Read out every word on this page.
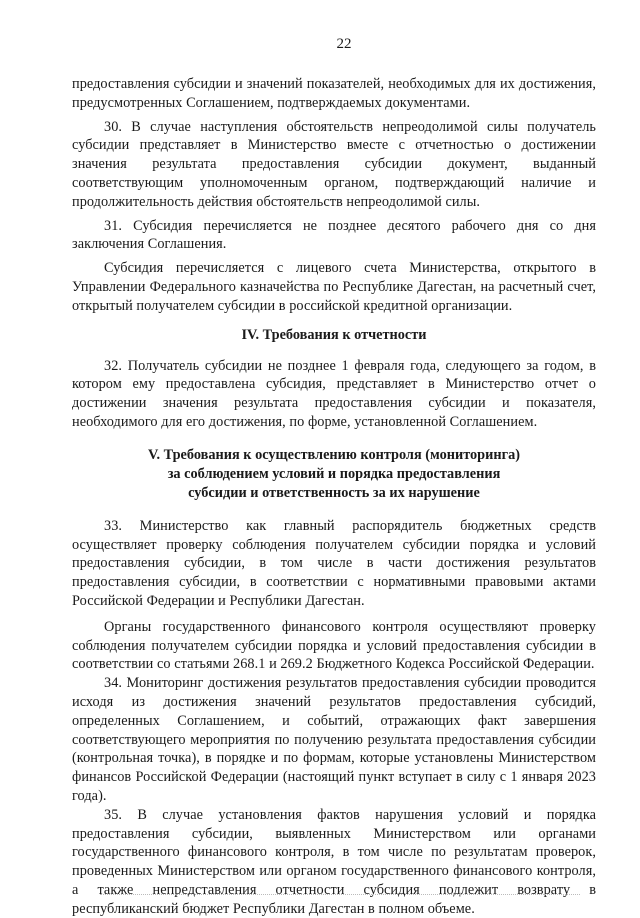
22

предоставления субсидии и значений показателей, необходимых для их достижения, предусмотренных Соглашением, подтверждаемых документами.

30. В случае наступления обстоятельств непреодолимой силы получатель субсидии представляет в Министерство вместе с отчетностью о достижении значения результата предоставления субсидии документ, выданный соответствующим уполномоченным органом, подтверждающий наличие и продолжительность действия обстоятельств непреодолимой силы.

31. Субсидия перечисляется не позднее десятого рабочего дня со дня заключения Соглашения.

Субсидия перечисляется с лицевого счета Министерства, открытого в Управлении Федерального казначейства по Республике Дагестан, на расчетный счет, открытый получателем субсидии в российской кредитной организации.

IV. Требования к отчетности

32. Получатель субсидии не позднее 1 февраля года, следующего за годом, в котором ему предоставлена субсидия, представляет в Министерство отчет о достижении значения результата предоставления субсидии и показателя, необходимого для его достижения, по форме, установленной Соглашением.

V. Требования к осуществлению контроля (мониторинга)
за соблюдением условий и порядка предоставления
субсидии и ответственность за их нарушение

33. Министерство как главный распорядитель бюджетных средств осуществляет проверку соблюдения получателем субсидии порядка и условий предоставления субсидии, в том числе в части достижения результатов предоставления субсидии, в соответствии с нормативными правовыми актами Российской Федерации и Республики Дагестан.

Органы государственного финансового контроля осуществляют проверку соблюдения получателем субсидии порядка и условий предоставления субсидии в соответствии со статьями 268.1 и 269.2 Бюджетного Кодекса Российской Федерации.

34. Мониторинг достижения результатов предоставления субсидии проводится исходя из достижения значений результатов предоставления субсидий, определенных Соглашением, и событий, отражающих факт завершения соответствующего мероприятия по получению результата предоставления субсидии (контрольная точка), в порядке и по формам, которые установлены Министерством финансов Российской Федерации (настоящий пункт вступает в силу с 1 января 2023 года).

35. В случае установления фактов нарушения условий и порядка предоставления субсидии, выявленных Министерством или органами государственного финансового контроля, в том числе по результатам проверок, проведенных Министерством или органом государственного финансового контроля, а также непредставления отчетности субсидия подлежит возврату в республиканский бюджет Республики Дагестан в полном объеме.
